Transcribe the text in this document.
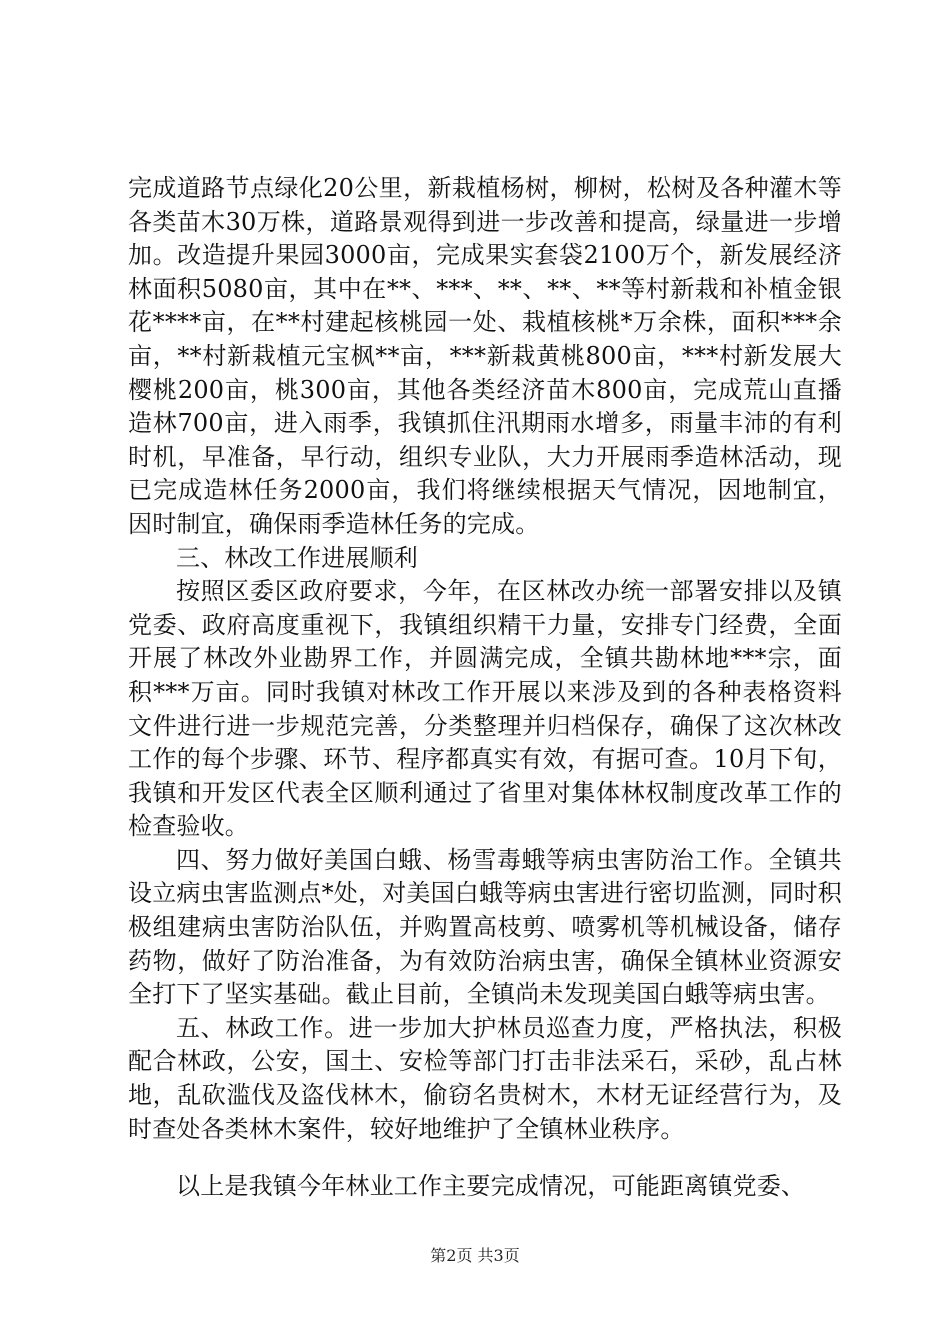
完成道路节点绿化20公里，新栽植杨树，柳树，松树及各种灌木等各类苗木30万株，道路景观得到进一步改善和提高，绿量进一步增加。改造提升果园3000亩，完成果实套袋2100万个，新发展经济林面积5080亩，其中在**、***、**、**、**等村新栽和补植金银花****亩，在**村建起核桃园一处、栽植核桃*万余株，面积***余亩，**村新栽植元宝枫**亩，***新栽黄桃800亩，***村新发展大樱桃200亩，桃300亩，其他各类经济苗木800亩，完成荒山直播造林700亩，进入雨季，我镇抓住汛期雨水增多，雨量丰沛的有利时机，早准备，早行动，组织专业队，大力开展雨季造林活动，现已完成造林任务2000亩，我们将继续根据天气情况，因地制宜，因时制宜，确保雨季造林任务的完成。

三、林改工作进展顺利

按照区委区政府要求，今年，在区林改办统一部署安排以及镇党委、政府高度重视下，我镇组织精干力量，安排专门经费，全面开展了林改外业勘界工作，并圆满完成，全镇共勘林地***宗，面积***万亩。同时我镇对林改工作开展以来涉及到的各种表格资料文件进行进一步规范完善，分类整理并归档保存，确保了这次林改工作的每个步骤、环节、程序都真实有效，有据可查。10月下旬，我镇和开发区代表全区顺利通过了省里对集体林权制度改革工作的检查验收。

四、努力做好美国白蛾、杨雪毒蛾等病虫害防治工作。全镇共设立病虫害监测点*处，对美国白蛾等病虫害进行密切监测，同时积极组建病虫害防治队伍，并购置高枝剪、喷雾机等机械设备，储存药物，做好了防治准备，为有效防治病虫害，确保全镇林业资源安全打下了坚实基础。截止目前，全镇尚未发现美国白蛾等病虫害。

五、林政工作。进一步加大护林员巡查力度，严格执法，积极配合林政，公安，国土、安检等部门打击非法采石，采砂，乱占林地，乱砍滥伐及盗伐林木，偷窃名贵树木，木材无证经营行为，及时查处各类林木案件，较好地维护了全镇林业秩序。

以上是我镇今年林业工作主要完成情况，可能距离镇党委、

第2页 共3页
